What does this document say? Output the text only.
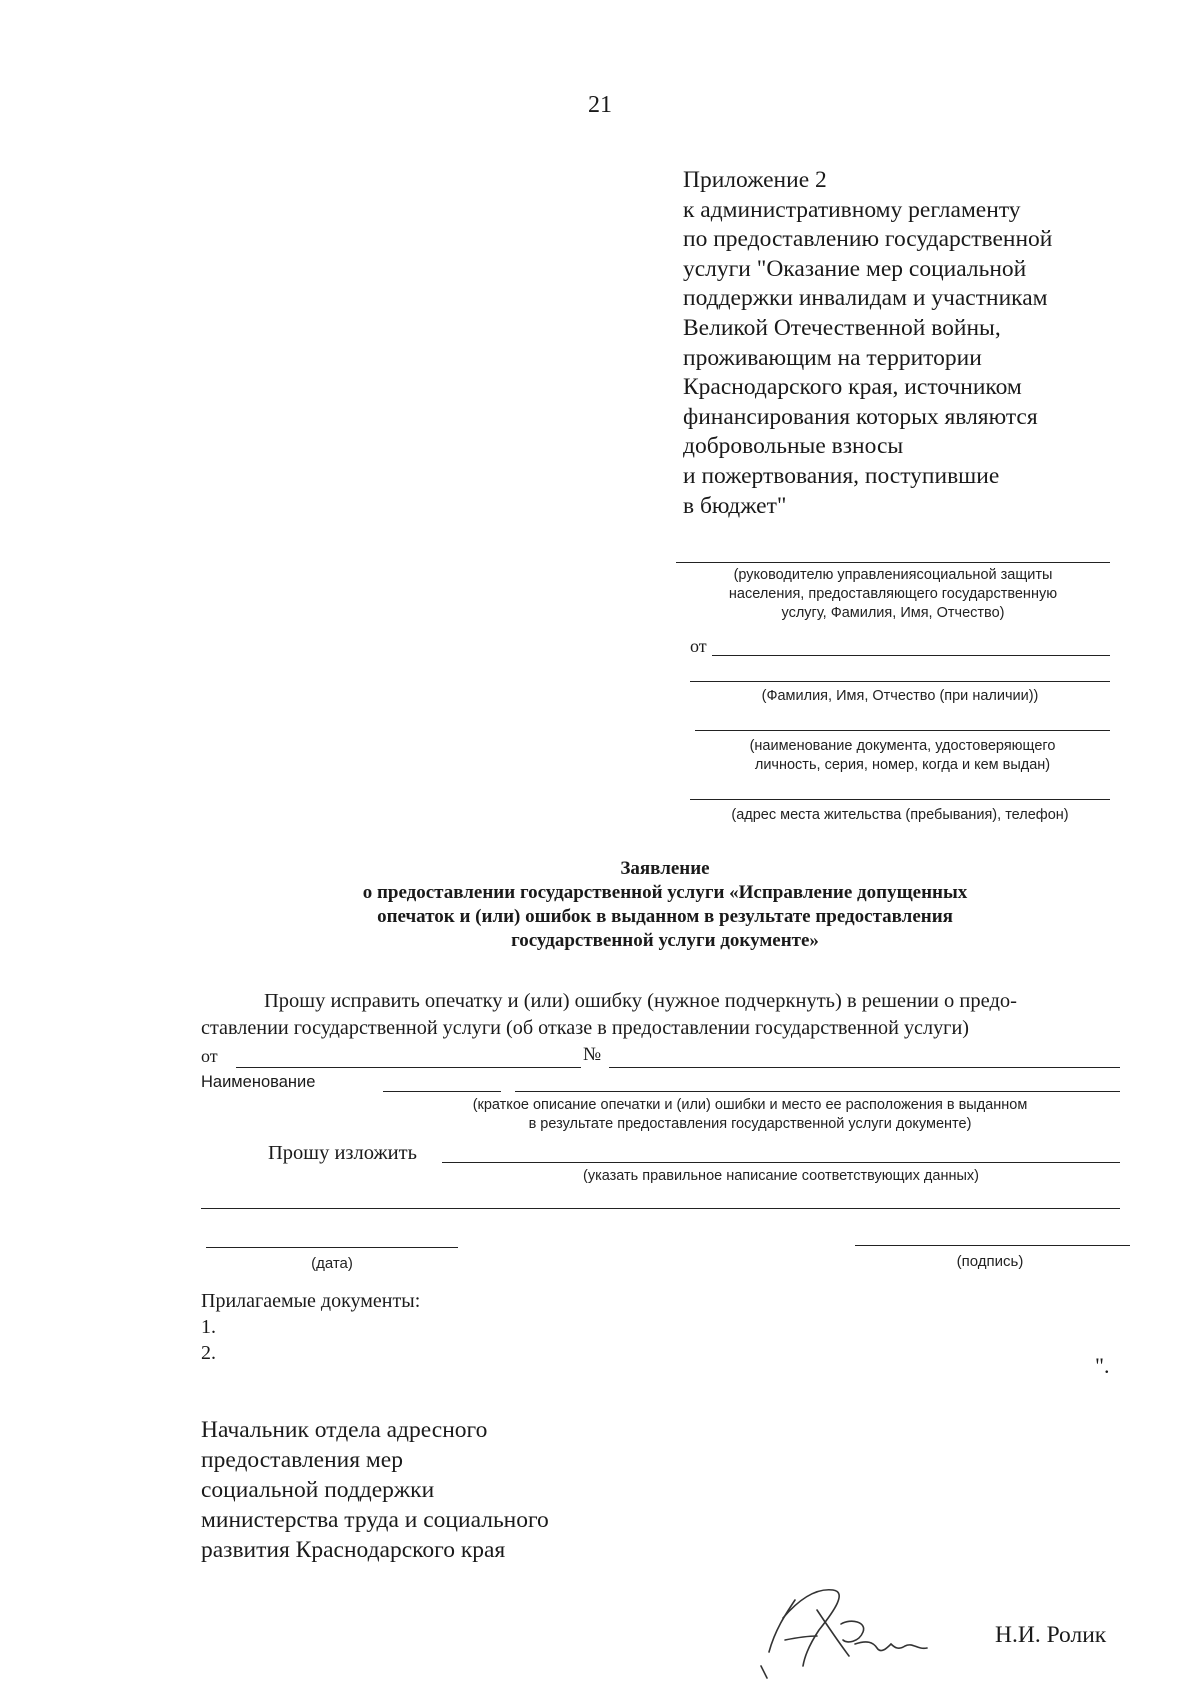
21
Приложение 2
к административному регламенту
по предоставлению государственной
услуги "Оказание мер социальной
поддержки инвалидам и участникам
Великой Отечественной войны,
проживающим на территории
Краснодарского края, источником
финансирования которых являются
добровольные взносы
и пожертвования, поступившие
в бюджет"
(руководителю управлениясоциальной защиты
населения, предоставляющего государственную
услугу, Фамилия, Имя, Отчество)
от
(Фамилия, Имя, Отчество (при наличии))
(наименование документа, удостоверяющего
личность, серия, номер, когда и кем выдан)
(адрес места жительства (пребывания), телефон)
Заявление
о предоставлении государственной услуги «Исправление допущенных
опечаток и (или) ошибок в выданном в результате предоставления
государственной услуги документе»
Прошу исправить опечатку и (или) ошибку (нужное подчеркнуть) в решении о предо-
ставлении государственной услуги (об отказе в предоставлении государственной услуги)
от	№
Наименование
(краткое описание опечатки и (или) ошибки и место ее расположения в выданном
в результате предоставления государственной услуги документе)
Прошу изложить
(указать правильное написание соответствующих данных)
(дата)	(подпись)
Прилагаемые документы:
1.
2.	".
Начальник отдела адресного
предоставления мер
социальной поддержки
министерства труда и социального
развития Краснодарского края
Н.И. Ролик
